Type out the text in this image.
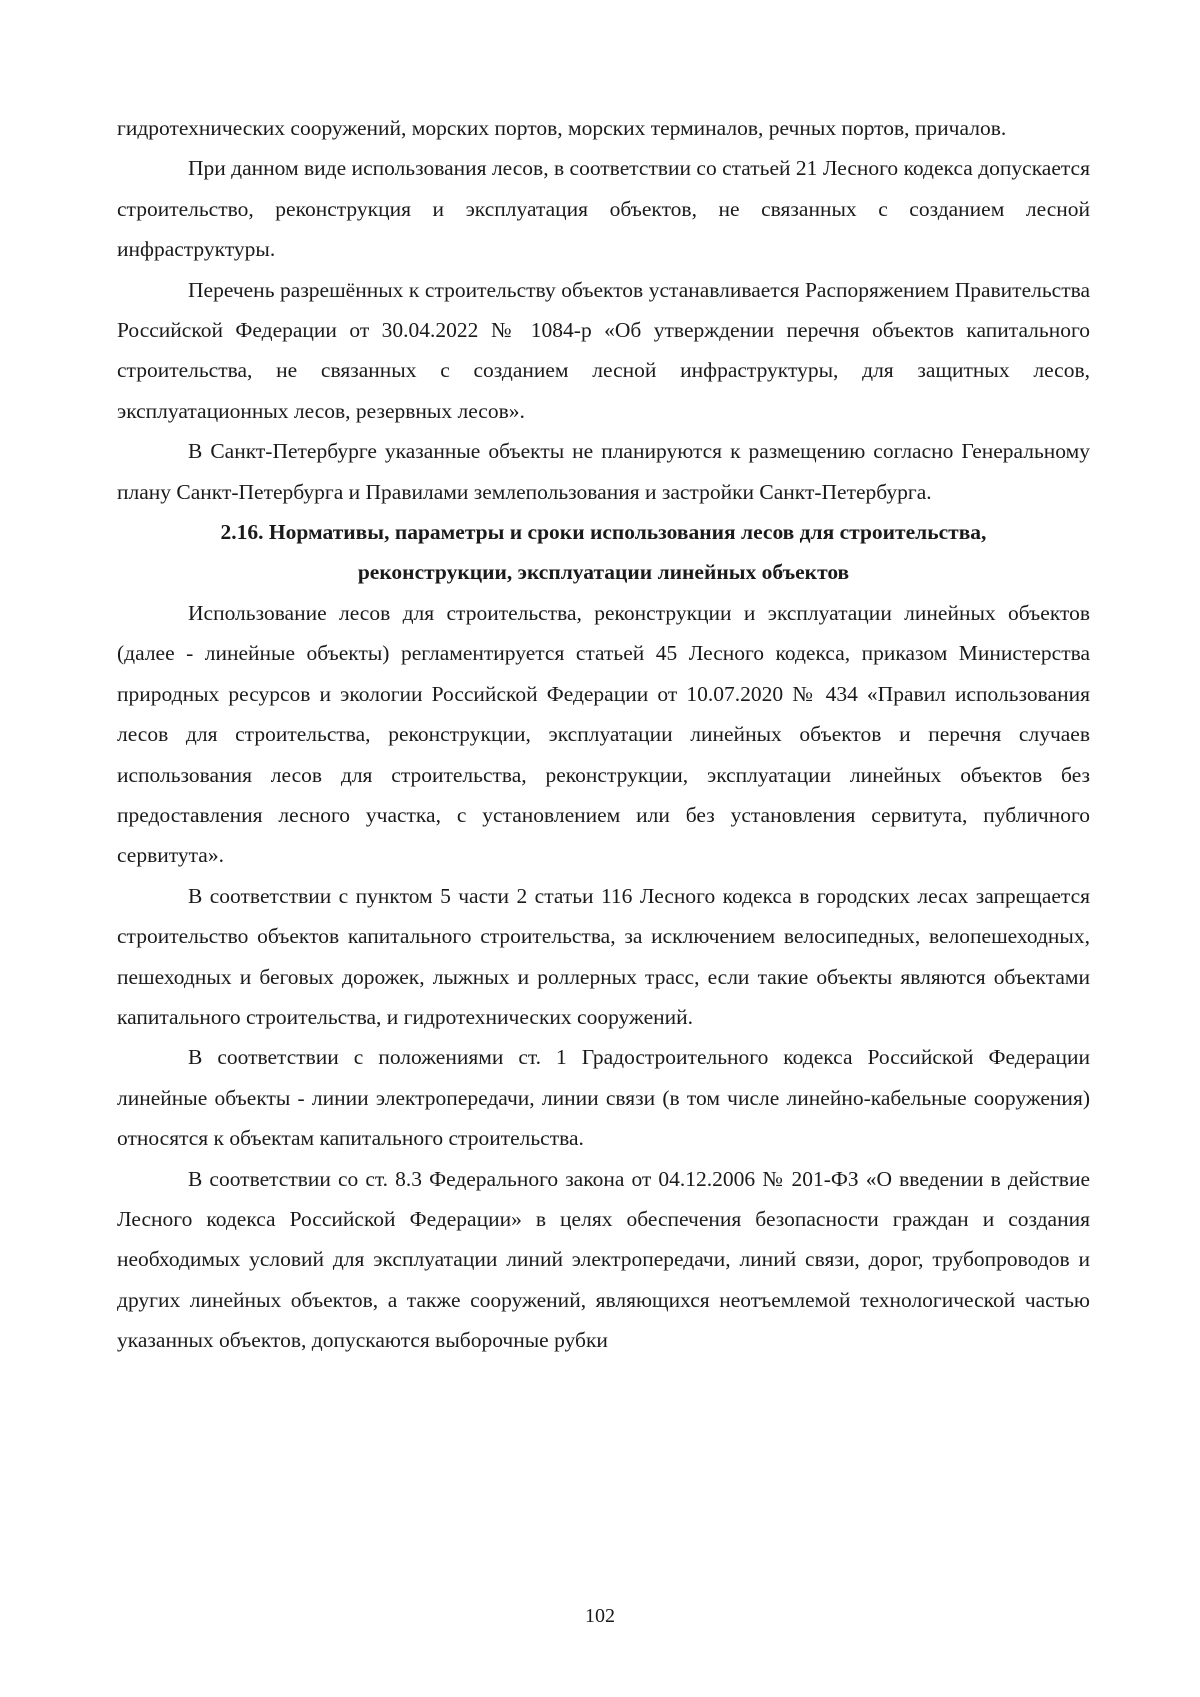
гидротехнических сооружений, морских портов, морских терминалов, речных портов, причалов.

При данном виде использования лесов, в соответствии со статьей 21 Лесного кодекса допускается строительство, реконструкция и эксплуатация объектов, не связанных с созданием лесной инфраструктуры.

Перечень разрешённых к строительству объектов устанавливается Распоряжением Правительства Российской Федерации от 30.04.2022 № 1084-р «Об утверждении перечня объектов капитального строительства, не связанных с созданием лесной инфраструктуры, для защитных лесов, эксплуатационных лесов, резервных лесов».

В Санкт-Петербурге указанные объекты не планируются к размещению согласно Генеральному плану Санкт-Петербурга и Правилами землепользования и застройки Санкт-Петербурга.

2.16. Нормативы, параметры и сроки использования лесов для строительства, реконструкции, эксплуатации линейных объектов

Использование лесов для строительства, реконструкции и эксплуатации линейных объектов (далее - линейные объекты) регламентируется статьей 45 Лесного кодекса, приказом Министерства природных ресурсов и экологии Российской Федерации от 10.07.2020 № 434 «Правил использования лесов для строительства, реконструкции, эксплуатации линейных объектов и перечня случаев использования лесов для строительства, реконструкции, эксплуатации линейных объектов без предоставления лесного участка, с установлением или без установления сервитута, публичного сервитута».

В соответствии с пунктом 5 части 2 статьи 116 Лесного кодекса в городских лесах запрещается строительство объектов капитального строительства, за исключением велосипедных, велопешеходных, пешеходных и беговых дорожек, лыжных и роллерных трасс, если такие объекты являются объектами капитального строительства, и гидротехнических сооружений.

В соответствии с положениями ст. 1 Градостроительного кодекса Российской Федерации линейные объекты - линии электропередачи, линии связи (в том числе линейно-кабельные сооружения) относятся к объектам капитального строительства.

В соответствии со ст. 8.3 Федерального закона от 04.12.2006 № 201-ФЗ «О введении в действие Лесного кодекса Российской Федерации» в целях обеспечения безопасности граждан и создания необходимых условий для эксплуатации линий электропередачи, линий связи, дорог, трубопроводов и других линейных объектов, а также сооружений, являющихся неотъемлемой технологической частью указанных объектов, допускаются выборочные рубки

102
